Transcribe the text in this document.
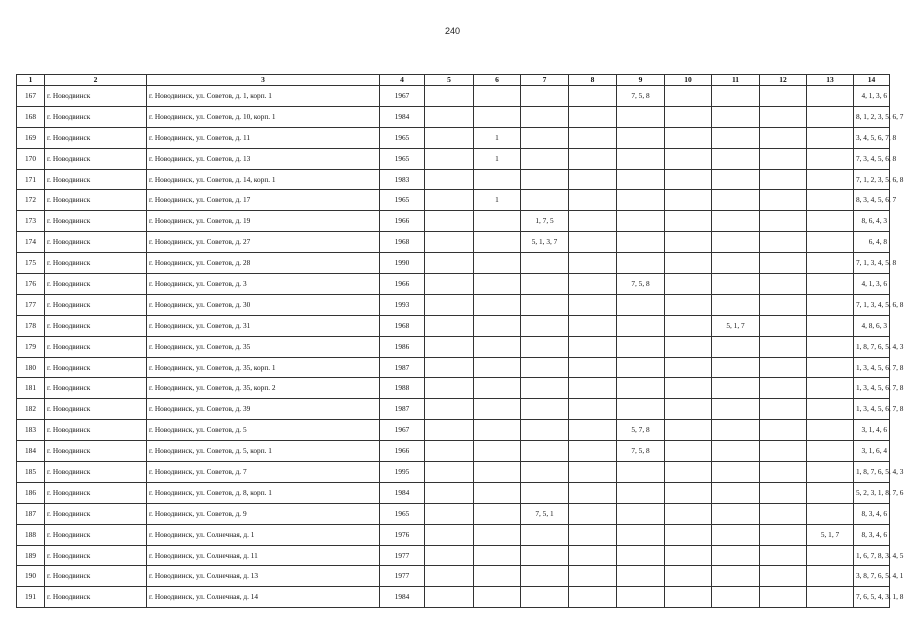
240
1	2	3	4	5	6	7	8	9	10	11	12	13	14
167	г. Новодвинск	г. Новодвинск, ул. Советов, д. 1, корп. 1	1967					7, 5, 8					4, 1, 3, 6
168	г. Новодвинск	г. Новодвинск, ул. Советов, д. 10, корп. 1	1984										8, 1, 2, 3, 5, 6, 7
169	г. Новодвинск	г. Новодвинск, ул. Советов, д. 11	1965		1								3, 4, 5, 6, 7, 8
170	г. Новодвинск	г. Новодвинск, ул. Советов, д. 13	1965		1								7, 3, 4, 5, 6, 8
171	г. Новодвинск	г. Новодвинск, ул. Советов, д. 14, корп. 1	1983										7, 1, 2, 3, 5, 6, 8
172	г. Новодвинск	г. Новодвинск, ул. Советов, д. 17	1965		1								8, 3, 4, 5, 6, 7
173	г. Новодвинск	г. Новодвинск, ул. Советов, д. 19	1966			1, 7, 5							8, 6, 4, 3
174	г. Новодвинск	г. Новодвинск, ул. Советов, д. 27	1968			5, 1, 3, 7							6, 4, 8
175	г. Новодвинск	г. Новодвинск, ул. Советов, д. 28	1990										7, 1, 3, 4, 5, 8
176	г. Новодвинск	г. Новодвинск, ул. Советов, д. 3	1966					7, 5, 8					4, 1, 3, 6
177	г. Новодвинск	г. Новодвинск, ул. Советов, д. 30	1993										7, 1, 3, 4, 5, 6, 8
178	г. Новодвинск	г. Новодвинск, ул. Советов, д. 31	1968							5, 1, 7			4, 8, 6, 3
179	г. Новодвинск	г. Новодвинск, ул. Советов, д. 35	1986										1, 8, 7, 6, 5, 4, 3
180	г. Новодвинск	г. Новодвинск, ул. Советов, д. 35, корп. 1	1987										1, 3, 4, 5, 6, 7, 8
181	г. Новодвинск	г. Новодвинск, ул. Советов, д. 35, корп. 2	1988										1, 3, 4, 5, 6, 7, 8
182	г. Новодвинск	г. Новодвинск, ул. Советов, д. 39	1987										1, 3, 4, 5, 6, 7, 8
183	г. Новодвинск	г. Новодвинск, ул. Советов, д. 5	1967					5, 7, 8					3, 1, 4, 6
184	г. Новодвинск	г. Новодвинск, ул. Советов, д. 5, корп. 1	1966					7, 5, 8					3, 1, 6, 4
185	г. Новодвинск	г. Новодвинск, ул. Советов, д. 7	1995										1, 8, 7, 6, 5, 4, 3
186	г. Новодвинск	г. Новодвинск, ул. Советов, д. 8, корп. 1	1984										5, 2, 3, 1, 8, 7, 6
187	г. Новодвинск	г. Новодвинск, ул. Советов, д. 9	1965			7, 5, 1							8, 3, 4, 6
188	г. Новодвинск	г. Новодвинск, ул. Солнечная, д. 1	1976									5, 1, 7	8, 3, 4, 6
189	г. Новодвинск	г. Новодвинск, ул. Солнечная, д. 11	1977										1, 6, 7, 8, 3, 4, 5
190	г. Новодвинск	г. Новодвинск, ул. Солнечная, д. 13	1977										3, 8, 7, 6, 5, 4, 1
191	г. Новодвинск	г. Новодвинск, ул. Солнечная, д. 14	1984										7, 6, 5, 4, 3, 1, 8
